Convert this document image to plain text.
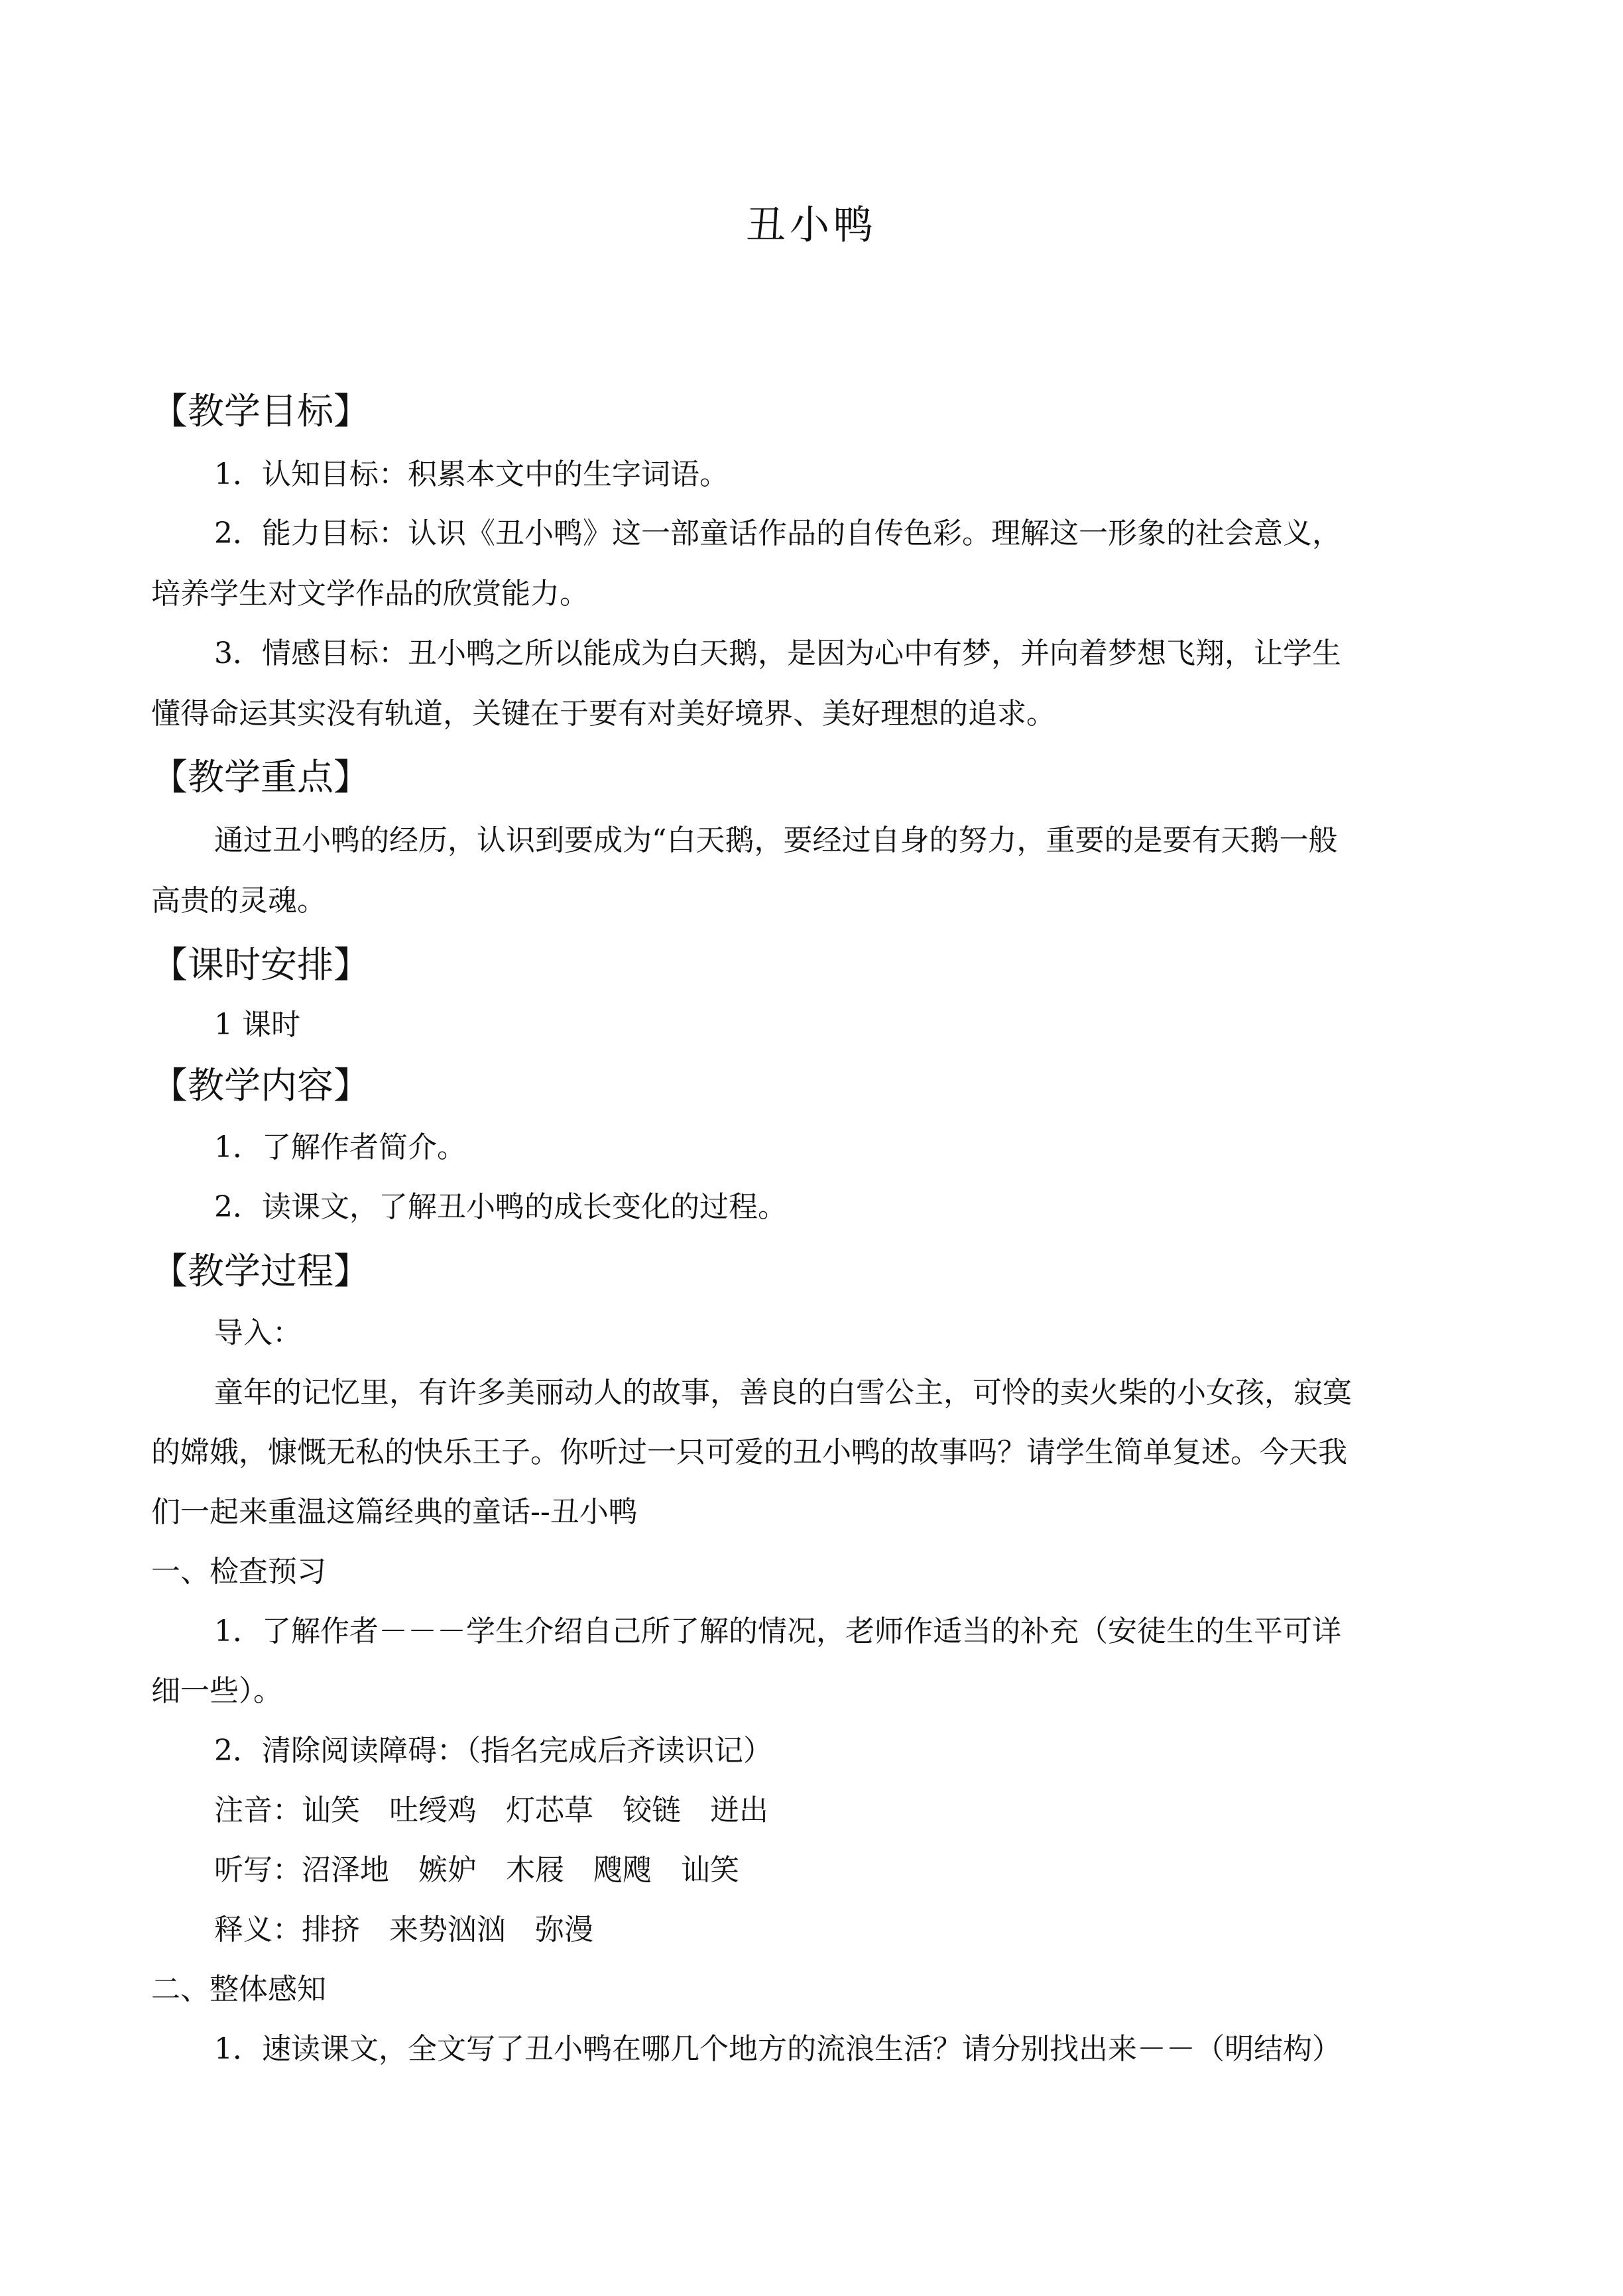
丑小鸭
【教学目标】
1．认知目标：积累本文中的生字词语。
2．能力目标：认识《丑小鸭》这一部童话作品的自传色彩。理解这一形象的社会意义，
培养学生对文学作品的欣赏能力。
3．情感目标：丑小鸭之所以能成为白天鹅，是因为心中有梦，并向着梦想飞翔，让学生
懂得命运其实没有轨道，关键在于要有对美好境界、美好理想的追求。
【教学重点】
通过丑小鸭的经历，认识到要成为“白天鹅，要经过自身的努力，重要的是要有天鹅一般
高贵的灵魂。
【课时安排】
1 课时
【教学内容】
1．了解作者简介。
2．读课文，了解丑小鸭的成长变化的过程。
【教学过程】
导入：
童年的记忆里，有许多美丽动人的故事，善良的白雪公主，可怜的卖火柴的小女孩，寂寞
的嫦娥，慷慨无私的快乐王子。你听过一只可爱的丑小鸭的故事吗？请学生简单复述。今天我
们一起来重温这篇经典的童话--丑小鸭
一、检查预习
1．了解作者－－－学生介绍自己所了解的情况，老师作适当的补充（安徒生的生平可详
细一些）。
2．清除阅读障碍：（指名完成后齐读识记）
注音：讪笑 吐绶鸡 灯芯草 铰链 迸出
听写：沼泽地 嫉妒 木屐 飕飕 讪笑
释义：排挤 来势汹汹 弥漫
二、整体感知
1．速读课文，全文写了丑小鸭在哪几个地方的流浪生活？请分别找出来－－（明结构）
